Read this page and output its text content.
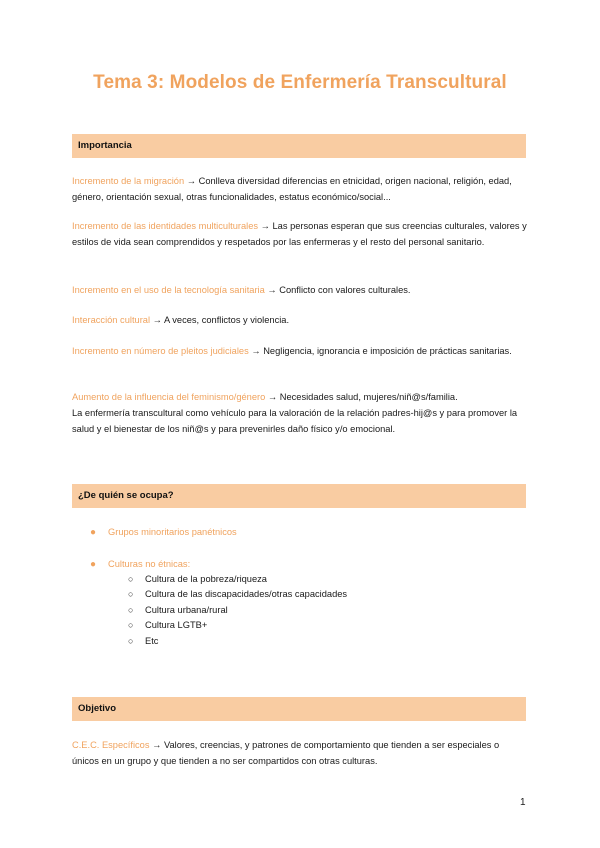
Tema 3: Modelos de Enfermería Transcultural
Importancia
Incremento de la migración → Conlleva diversidad diferencias en etnicidad, origen nacional, religión, edad, género, orientación sexual, otras funcionalidades, estatus económico/social...
Incremento de las identidades multiculturales → Las personas esperan que sus creencias culturales, valores y estilos de vida sean comprendidos y respetados por las enfermeras y el resto del personal sanitario.
Incremento en el uso de la tecnología sanitaria → Conflicto con valores culturales.
Interacción cultural → A veces, conflictos y violencia.
Incremento en número de pleitos judiciales → Negligencia, ignorancia e imposición de prácticas sanitarias.
Aumento de la influencia del feminismo/género → Necesidades salud, mujeres/niñ@s/familia.
La enfermería transcultural como vehículo para la valoración de la relación padres-hij@s y para promover la salud y el bienestar de los niñ@s y para prevenirles daño físico y/o emocional.
¿De quién se ocupa?
● Grupos minoritarios panétnicos
● Culturas no étnicas:
○ Cultura de la pobreza/riqueza
○ Cultura de las discapacidades/otras capacidades
○ Cultura urbana/rural
○ Cultura LGTB+
○ Etc
Objetivo
C.E.C. Específicos → Valores, creencias, y patrones de comportamiento que tienden a ser especiales o únicos en un grupo y que tienden a no ser compartidos con otras culturas.
1
